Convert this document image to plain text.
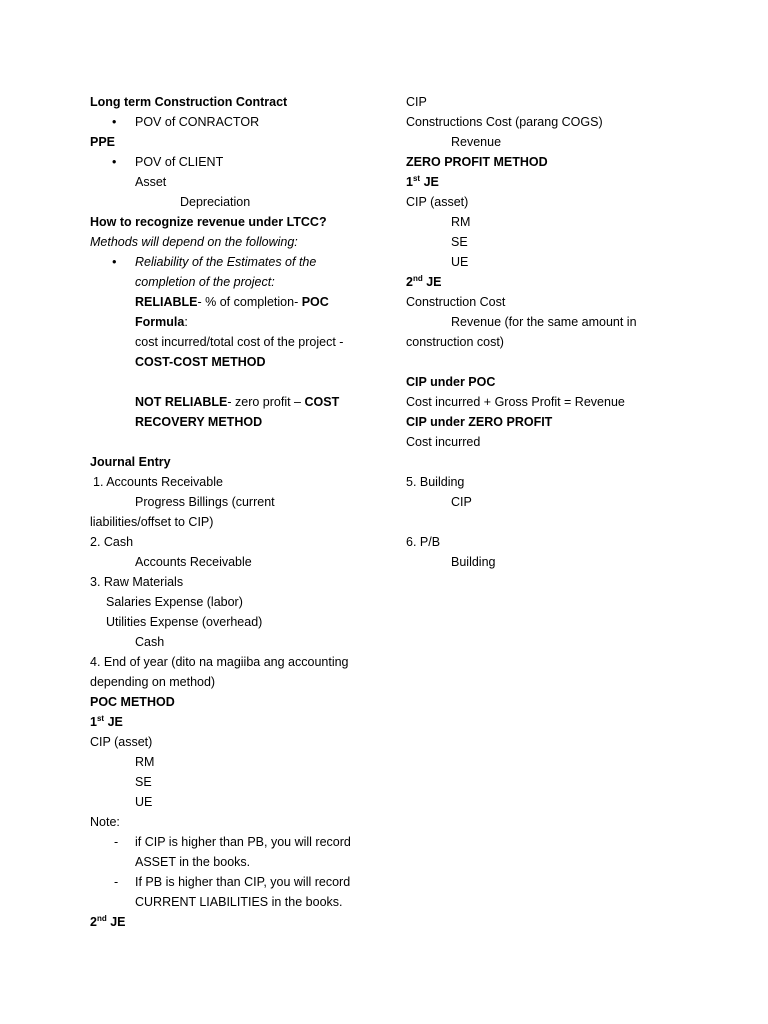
Long term Construction Contract
• POV of CONRACTOR
PPE
• POV of CLIENT
Asset
Depreciation
How to recognize revenue under LTCC?
Methods will depend on the following:
• Reliability of the Estimates of the
completion of the project:
RELIABLE- % of completion- POC
Formula:
cost incurred/total cost of the project -
COST-COST METHOD
NOT RELIABLE- zero profit – COST
RECOVERY METHOD
Journal Entry
1. Accounts Receivable
Progress Billings (current
liabilities/offset to CIP)
2. Cash
Accounts Receivable
3. Raw Materials
Salaries Expense (labor)
Utilities Expense (overhead)
Cash
4. End of year (dito na magiiba ang accounting
depending on method)
POC METHOD
1st JE
CIP (asset)
RM
SE
UE
Note:
- if CIP is higher than PB, you will record
ASSET in the books.
- If PB is higher than CIP, you will record
CURRENT LIABILITIES in the books.
2nd JE
CIP
Constructions Cost (parang COGS)
Revenue
ZERO PROFIT METHOD
1st JE
CIP (asset)
RM
SE
UE
2nd JE
Construction Cost
Revenue (for the same amount in
construction cost)
CIP under POC
Cost incurred + Gross Profit = Revenue
CIP under ZERO PROFIT
Cost incurred
5. Building
CIP
6. P/B
Building
